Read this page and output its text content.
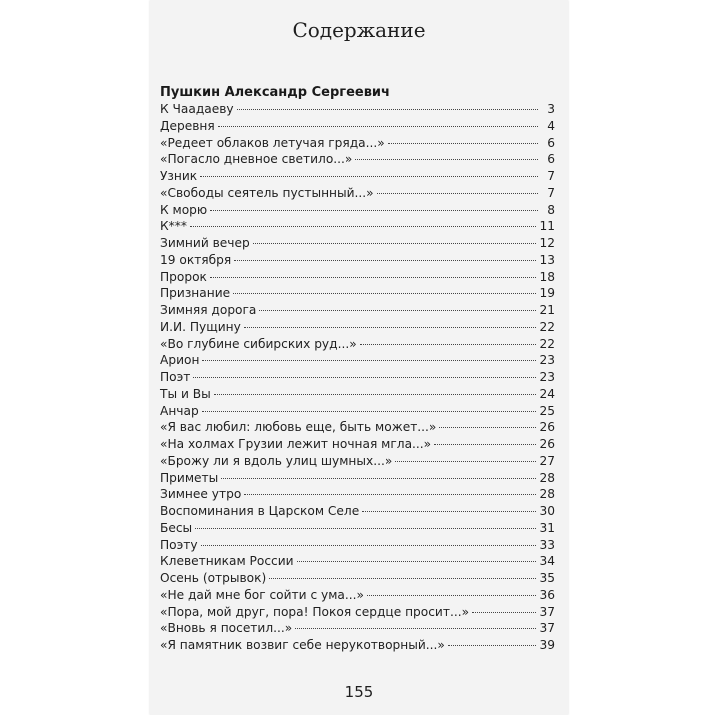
Содержание
Пушкин Александр Сергеевич
К Чаадаеву	3
Деревня	4
«Редеет облаков летучая гряда...»	6
«Погасло дневное светило...»	6
Узник	7
«Свободы сеятель пустынный...»	7
К морю	8
К***	11
Зимний вечер	12
19 октября	13
Пророк	18
Признание	19
Зимняя дорога	21
И.И. Пущину	22
«Во глубине сибирских руд...»	22
Арион	23
Поэт	23
Ты и Вы	24
Анчар	25
«Я вас любил: любовь еще, быть может...»	26
«На холмах Грузии лежит ночная мгла...»	26
«Брожу ли я вдоль улиц шумных...»	27
Приметы	28
Зимнее утро	28
Воспоминания в Царском Селе	30
Бесы	31
Поэту	33
Клеветникам России	34
Осень (отрывок)	35
«Не дай мне бог сойти с ума...»	36
«Пора, мой друг, пора! Покоя сердце просит...»	37
«Вновь я посетил...»	37
«Я памятник возвиг себе нерукотворный...»	39
155
